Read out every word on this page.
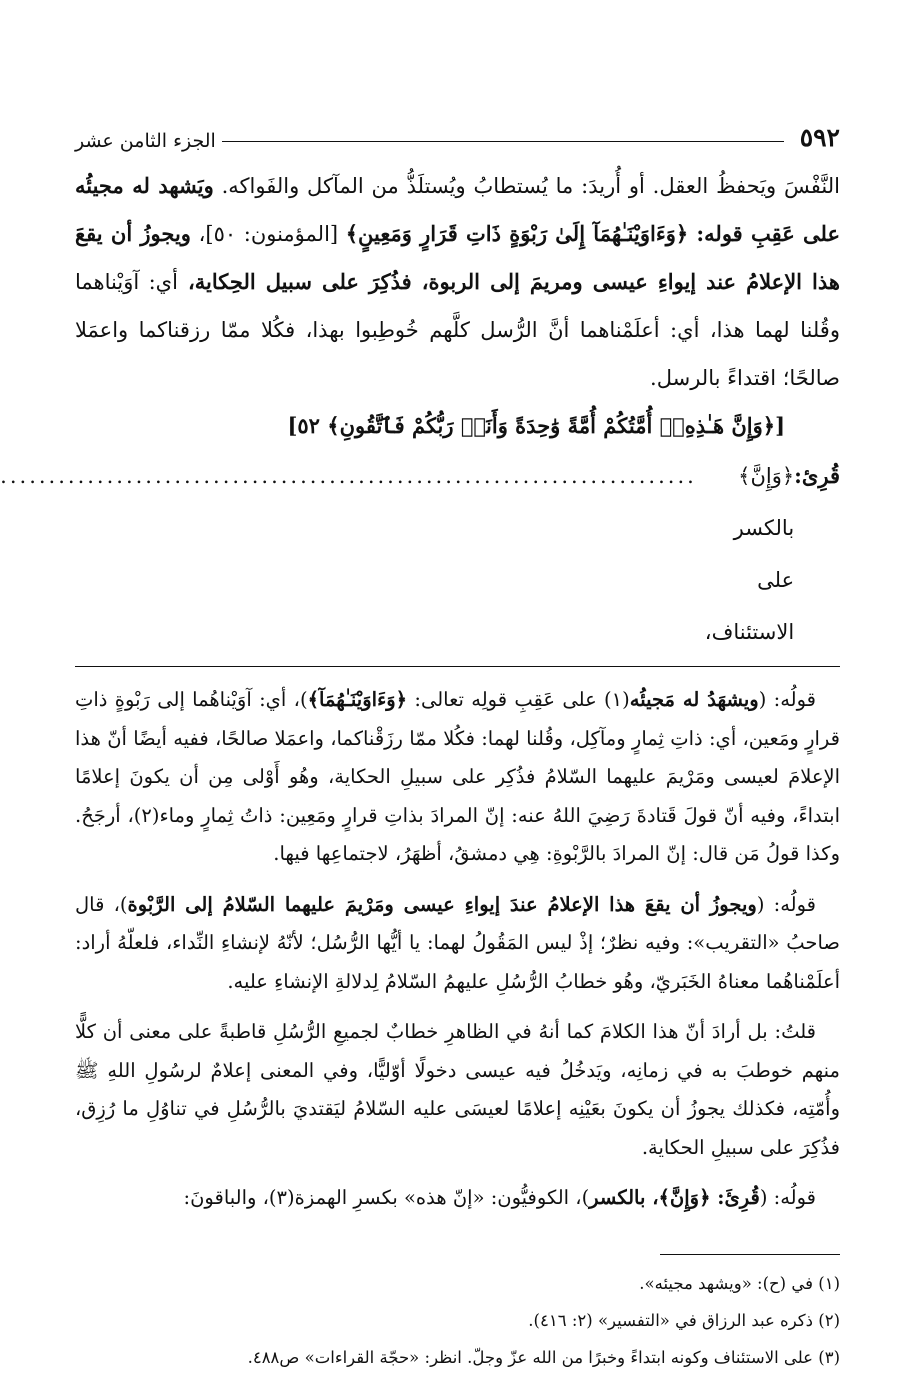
٥٩٢
الجزء الثامن عشر

النَّفْسَ ويَحفظُ العقل. أو أُريدَ: ما يُستطابُ ويُستلَذُّ من المآكل والفَواكه. ويَشهد له مجيئُه على عَقِبِ قوله: ﴿وَءَاوَيْنَـٰهُمَآ إِلَىٰ رَبْوَةٍ ذَاتِ قَرَارٍ وَمَعِينٍ﴾ [المؤمنون: ٥٠]، ويجوزُ أن يقعَ هذا الإعلامُ عند إيواءِ عيسى ومريمَ إلى الربوة، فذُكِرَ على سبيل الحِكاية، أي: آوَيْناهما وقُلنا لهما هذا، أي: أعلَمْناهما أنَّ الرُّسل كلَّهم خُوطِبوا بهذا، فكُلا ممّا رزقناكما واعمَلا صالحًا؛ اقتداءً بالرسل.

[﴿وَإِنَّ هَـٰذِهِۦٓ أُمَّتُكُمْ أُمَّةً وَٰحِدَةً وَأَنَا۠ رَبُّكُمْ فَٱتَّقُونِ﴾ ٥٢]
قُرِئ:
﴿وَإِنَّ﴾ بالكسر على الاستئناف،
........................................................................

قولُه: (ويشهَدُ له مَجيئُه(١) على عَقِبِ قولِه تعالى: ﴿وَءَاوَيْنَـٰهُمَآ﴾)، أي: آوَيْناهُما إلى رَبْوةٍ ذاتِ قرارٍ ومَعين، أي: ذاتِ ثِمارٍ ومآكِل، وقُلنا لهما: فكُلا ممّا رزَقْناكما، واعمَلا صالحًا، ففيه أيضًا أنّ هذا الإعلامَ لعيسى ومَرْيمَ عليهما السّلامُ فذُكِر على سبيلِ الحكاية، وهُو أَوْلى مِن أن يكونَ إعلامًا ابتداءً، وفيه أنّ قولَ قَتادةَ رَضِيَ اللهُ عنه: إنّ المرادَ بذاتِ قرارٍ ومَعِين: ذاتُ ثِمارٍ وماء(٢)، أرجَحُ. وكذا قولُ مَن قال: إنّ المرادَ بالرَّبْوةِ: هِي دمشقُ، أظهَرُ، لاجتماعِها فيها.

قولُه: (ويجوزُ أن يقعَ هذا الإعلامُ عندَ إيواءِ عيسى ومَرْيمَ عليهما السّلامُ إلى الرَّبْوة)، قال صاحبُ «التقريب»: وفيه نظرٌ؛ إذْ ليس المَقُولُ لهما: يا أيُّها الرُّسُل؛ لأنّهُ لإنشاءِ النِّداء، فلعلّهُ أراد: أعلَمْناهُما معناهُ الخَبَريّ، وهُو خطابُ الرُّسُلِ عليهمُ السّلامُ لِدلالةِ الإنشاءِ عليه.

قلتُ: بل أرادَ أنّ هذا الكلامَ كما أنهُ في الظاهرِ خطابٌ لجميعِ الرُّسُلِ قاطبةً على معنى أن كلًّا منهم خوطبَ به في زمانِه، ويَدخُلُ فيه عيسى دخولًا أوّليًّا، وفي المعنى إعلامٌ لرسُولِ اللهِ ﷺ وأُمّتِه، فكذلك يجوزُ أن يكونَ بعَيْنِه إعلامًا لعيسَى عليه السّلامُ ليَقتديَ بالرُّسُلِ في تناوُلِ ما رُزِق، فذُكِرَ على سبيلِ الحكاية.

قولُه: (قُرِئَ: ﴿وَإِنَّ﴾، بالكسر)، الكوفيُّون: «إنّ هذه» بكسرِ الهمزة(٣)، والباقونَ:

(١) في (ح): «ويشهد مجيئه».

(٢) ذكره عبد الرزاق في «التفسير» (٢: ٤١٦).

(٣) على الاستئناف وكونه ابتداءً وخبرًا من الله عزّ وجلّ. انظر: «حجّة القراءات» ص٤٨٨.
